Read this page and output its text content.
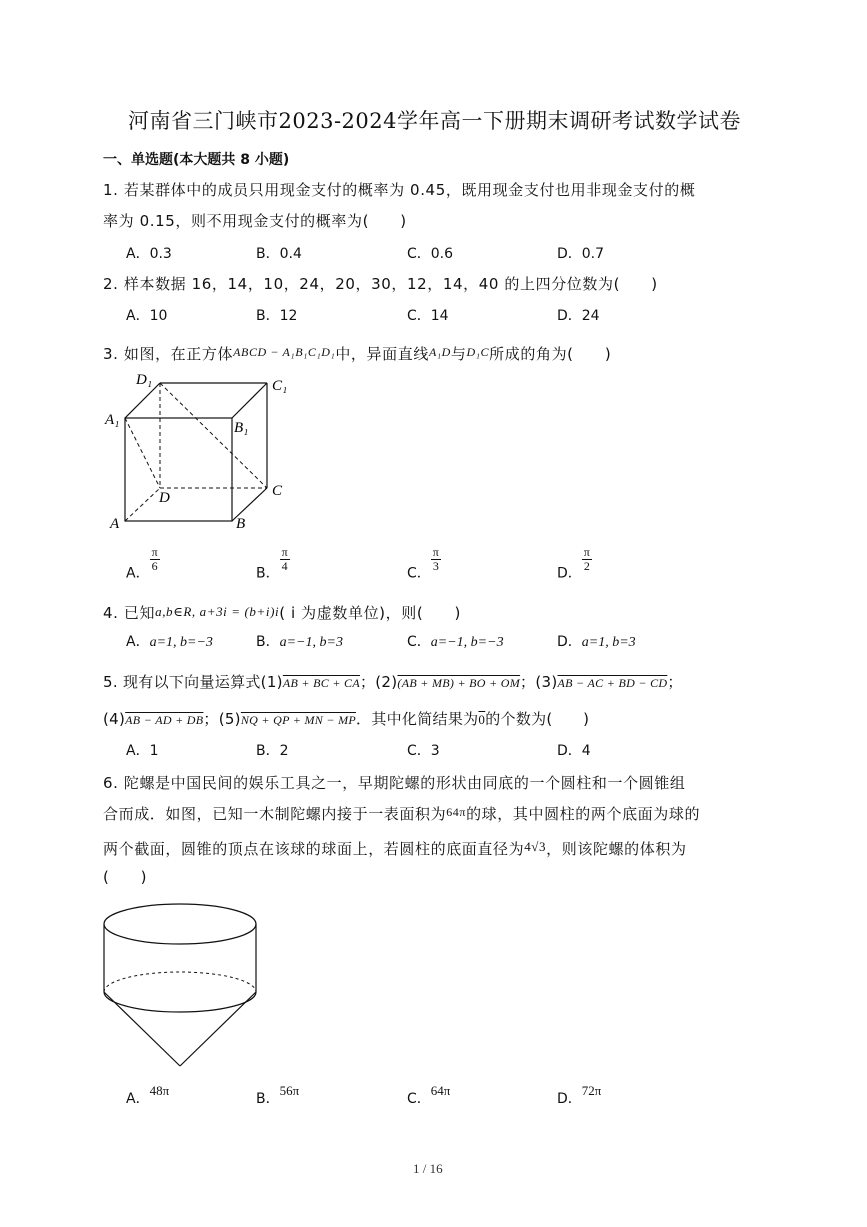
河南省三门峡市2023-2024学年高一下册期末调研考试数学试卷
一、单选题(本大题共 8 小题)
1. 若某群体中的成员只用现金支付的概率为 0.45，既用现金支付也用非现金支付的概
率为 0.15，则不用现金支付的概率为(　　)
A．0.3	B．0.4	C．0.6	D．0.7
2. 样本数据 16，14，10，24，20，30，12，14，40 的上四分位数为(　　)
A．10	B．12	C．14	D．24
3. 如图，在正方体$^{ABCD - A_1B_1C_1D_1}$中，异面直线$^{A_1D}$与$^{D_1C}$所成的角为(　　)
D₁	C₁
A₁	B₁
D	C
A	B
A．
$\frac{\pi}{6}$
B．
$\frac{\pi}{4}$
C．
$\frac{\pi}{3}$
D．
$\frac{\pi}{2}$
4. 已知a,b∈R, a+3i = (b+i)i( i 为虚数单位)，则(　　)
A．a=1, b=−3	B．a=−1, b=3	C．a=−1, b=−3	D．a=1, b=3
5. 现有以下向量运算式(1)AB + BC + CA；(2)(AB + MB) + BO + OM；(3)AB − AC + BD − CD；
(4)AB − AD + DB；(5)NQ + QP + MN − MP．其中化简结果为0的个数为(　　)
A．1	B．2	C．3	D．4
6. 陀螺是中国民间的娱乐工具之一，早期陀螺的形状由同底的一个圆柱和一个圆锥组
合而成．如图，已知一木制陀螺内接于一表面积为$^{64\pi}$的球，其中圆柱的两个底面为球的
两个截面，圆锥的顶点在该球的球面上，若圆柱的底面直径为4√3，则该陀螺的体积为
(　　)
A．48π
B．56π
C．64π
D．72π
1 / 16
